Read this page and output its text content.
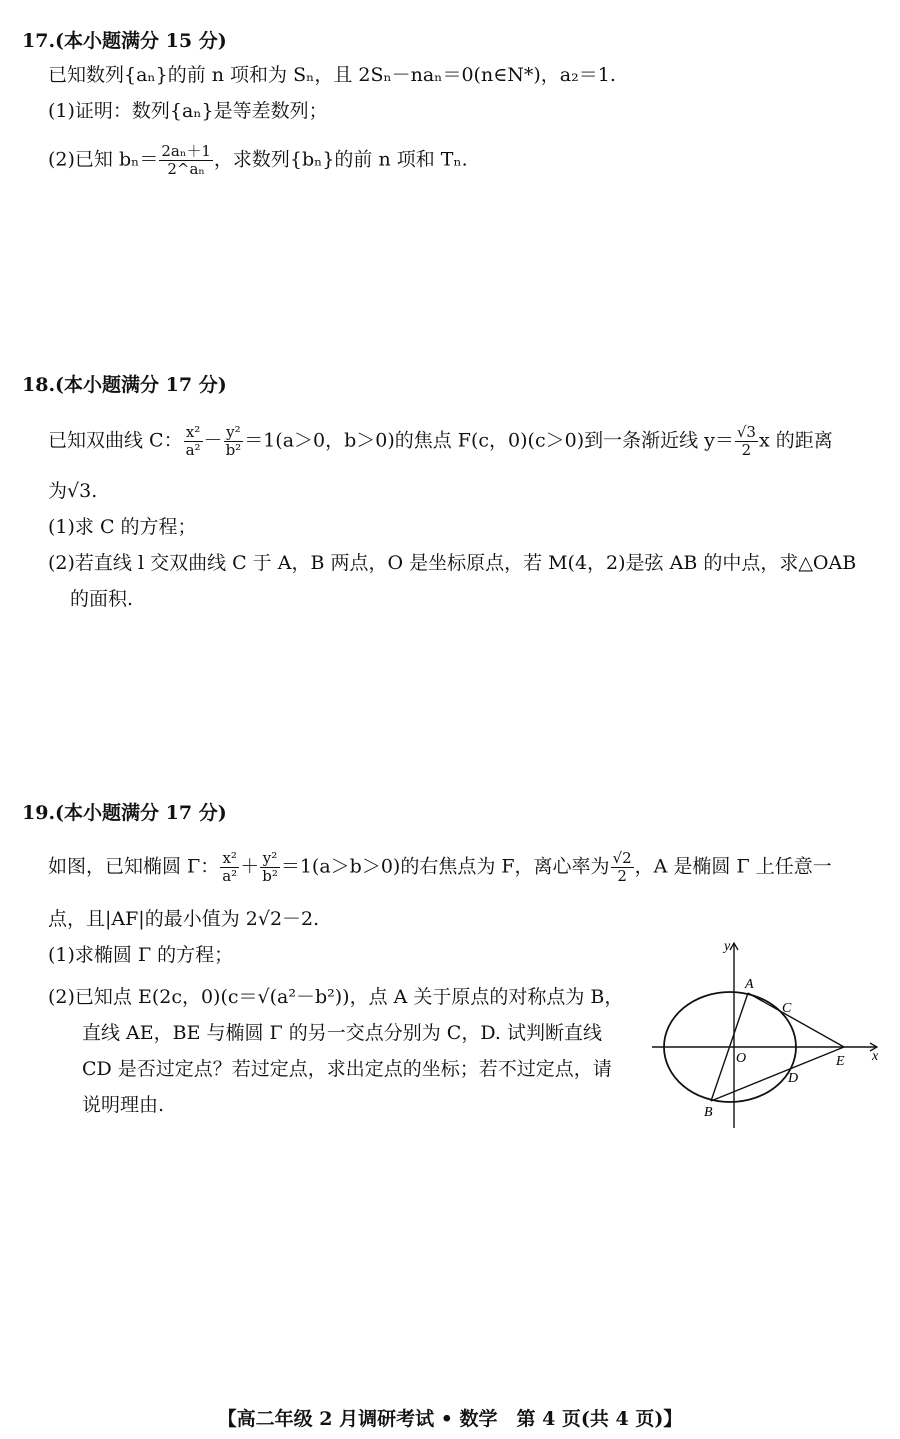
17.(本小题满分 15 分)
已知数列{aₙ}的前 n 项和为 Sₙ，且 2Sₙ－naₙ＝0(n∈N*)，a₂＝1.
(1)证明：数列{aₙ}是等差数列；
(2)已知 $b_n= \frac{\text{2aₙ＋1}}{\text{2\textasciicircum{}aₙ}}$ ，求数列{bₙ}的前 n 项和 Tₙ.
18.(本小题满分 17 分)
已知双曲线 C： $\frac{\text{x²}}{\text{a²}} - \frac{\text{y²}}{\text{b²}} =1(a>0$，b＞0)的焦点 F(c，0)(c＞0)到一条渐近线 $y= \frac{√3}{2}$ x 的距离
为√3.
(1)求 C 的方程；
(2)若直线 l 交双曲线 C 于 A，B 两点，O 是坐标原点，若 M(4，2)是弦 AB 的中点，求△OAB
的面积.
19.(本小题满分 17 分)
如图，已知椭圆 Γ： $\frac{\text{x²}}{\text{a²}} + \frac{\text{y²}}{\text{b²}} =1(a>b>0)$的右焦点为 F，离心率为 $\frac{√2}{2}$ ，A 是椭圆 Γ 上任意一
点，且|AF|的最小值为 2√2－2.
(1)求椭圆 Γ 的方程；
(2)已知点 E(2c，0)(c＝√(a²－b²))，点 A 关于原点的对称点为 B，
直线 AE，BE 与椭圆 Γ 的另一交点分别为 C，D. 试判断直线
CD 是否过定点？若过定点，求出定点的坐标；若不过定点，请
说明理由.
y
x
A
B
C
D
E
O
【高二年级 2 月调研考试 • 数学　第 4 页(共 4 页)】
